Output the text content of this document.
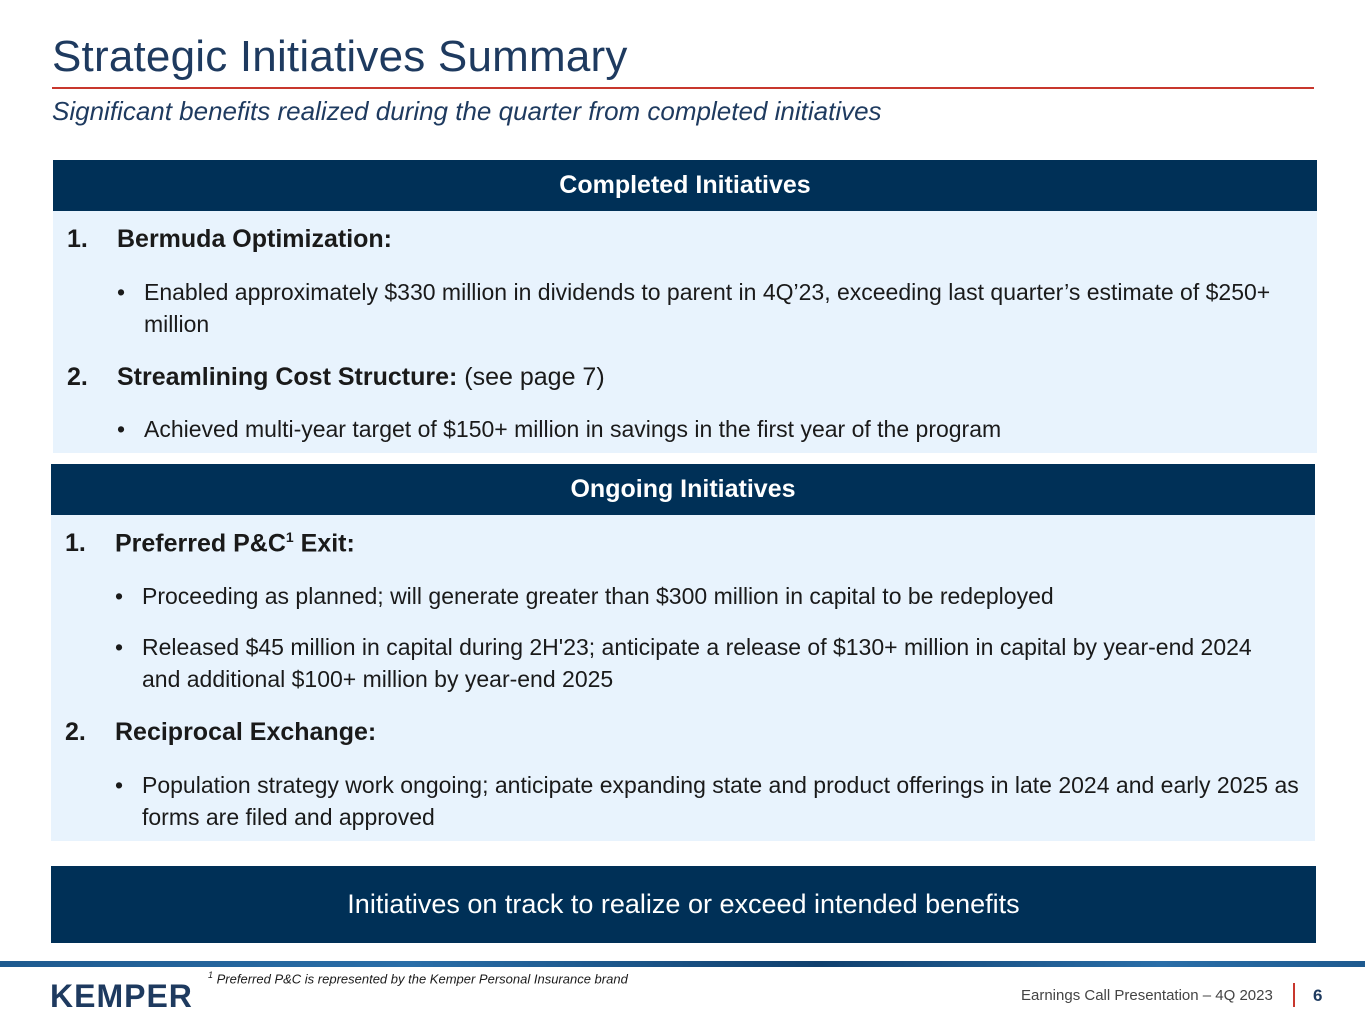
Strategic Initiatives Summary
Significant benefits realized during the quarter from completed initiatives
Completed Initiatives
1. Bermuda Optimization:
• Enabled approximately $330 million in dividends to parent in 4Q’23, exceeding last quarter’s estimate of $250+ million
2. Streamlining Cost Structure: (see page 7)
• Achieved multi-year target of $150+ million in savings in the first year of the program
Ongoing Initiatives
1. Preferred $P\&C^1$ Exit:
• Proceeding as planned; will generate greater than $300 million in capital to be redeployed
• Released $45 million in capital during 2H'23; anticipate a release of $130+ million in capital by year-end 2024 and additional $100+ million by year-end 2025
2. Reciprocal Exchange:
• Population strategy work ongoing; anticipate expanding state and product offerings in late 2024 and early 2025 as forms are filed and approved
Initiatives on track to realize or exceed intended benefits
KEMPER
$^1$ Preferred P&C is represented by the Kemper Personal Insurance brand
Earnings Call Presentation – 4Q 2023 6
